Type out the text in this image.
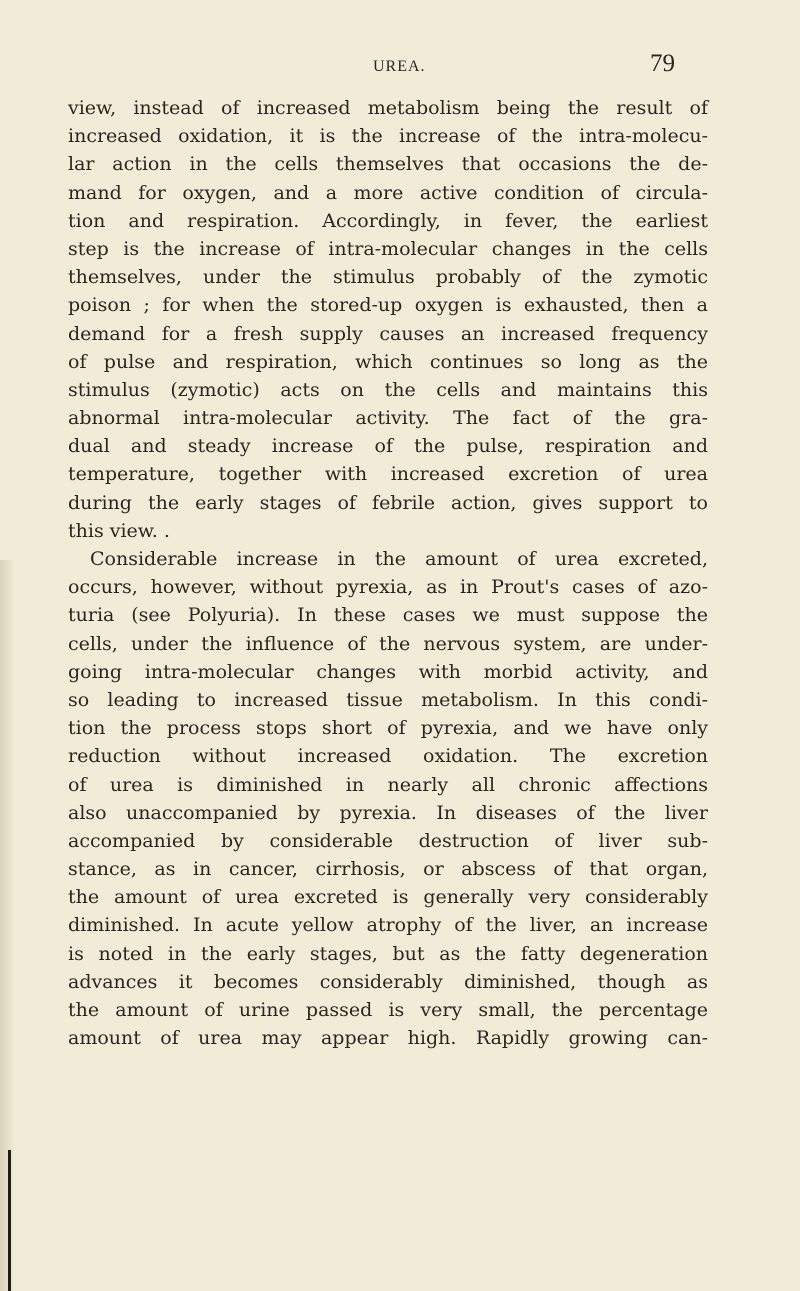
UREA.	79
view, instead of increased metabolism being the result of
increased oxidation, it is the increase of the intra-molecu-
lar action in the cells themselves that occasions the de-
mand for oxygen, and a more active condition of circula-
tion and respiration. Accordingly, in fever, the earliest
step is the increase of intra-molecular changes in the cells
themselves, under the stimulus probably of the zymotic
poison ; for when the stored-up oxygen is exhausted, then a
demand for a fresh supply causes an increased frequency
of pulse and respiration, which continues so long as the
stimulus (zymotic) acts on the cells and maintains this
abnormal intra-molecular activity. The fact of the gra-
dual and steady increase of the pulse, respiration and
temperature, together with increased excretion of urea
during the early stages of febrile action, gives support to
this view. .
Considerable increase in the amount of urea excreted,
occurs, however, without pyrexia, as in Prout's cases of azo-
turia (see Polyuria). In these cases we must suppose the
cells, under the influence of the nervous system, are under-
going intra-molecular changes with morbid activity, and
so leading to increased tissue metabolism. In this condi-
tion the process stops short of pyrexia, and we have only
reduction without increased oxidation. The excretion
of urea is diminished in nearly all chronic affections
also unaccompanied by pyrexia. In diseases of the liver
accompanied by considerable destruction of liver sub-
stance, as in cancer, cirrhosis, or abscess of that organ,
the amount of urea excreted is generally very considerably
diminished. In acute yellow atrophy of the liver, an increase
is noted in the early stages, but as the fatty degeneration
advances it becomes considerably diminished, though as
the amount of urine passed is very small, the percentage
amount of urea may appear high. Rapidly growing can-
